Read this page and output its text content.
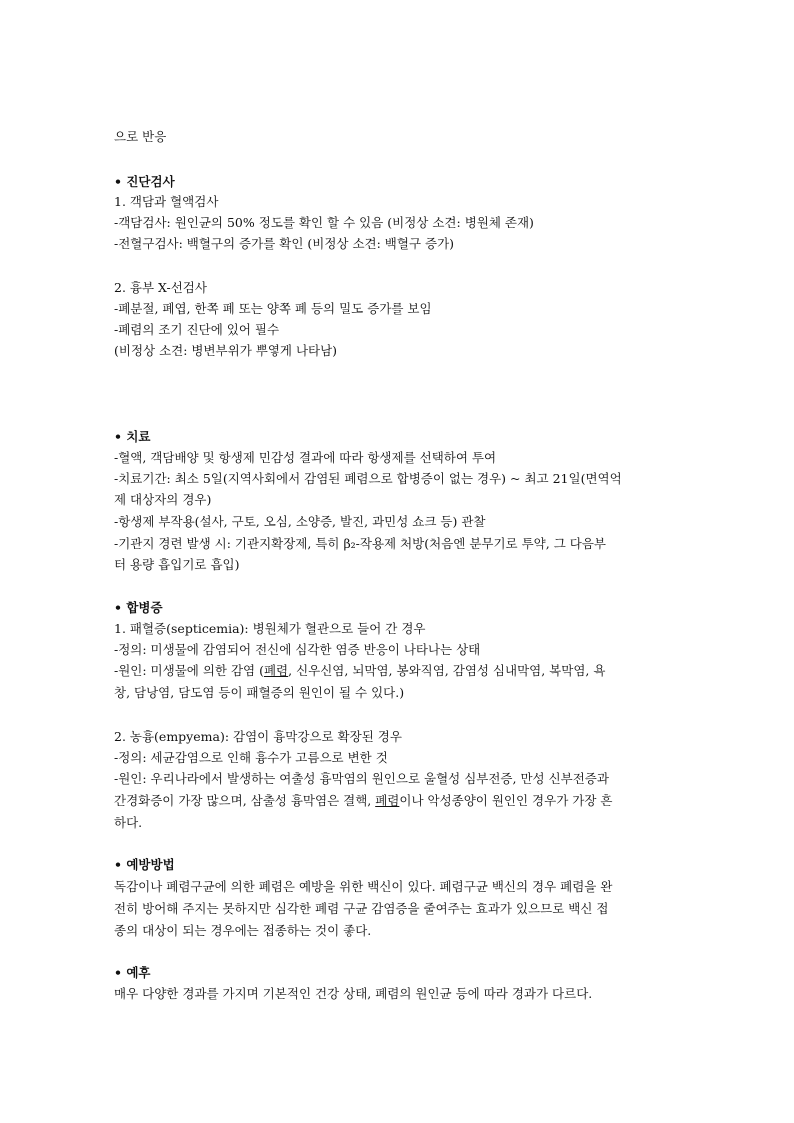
으로 반응
• 진단검사
1. 객담과 혈액검사
-객담검사: 원인균의 50% 정도를 확인 할 수 있음 (비정상 소견: 병원체 존재)
-전혈구검사: 백혈구의 증가를 확인 (비정상 소견: 백혈구 증가)
2. 흉부 X-선검사
-폐분절, 폐엽, 한쪽 폐 또는 양쪽 폐 등의 밀도 증가를 보임
-폐렴의 조기 진단에 있어 필수
(비정상 소견: 병변부위가 뿌옇게 나타남)
• 치료
-혈액, 객담배양 및 항생제 민감성 결과에 따라 항생제를 선택하여 투여
-치료기간: 최소 5일(지역사회에서 감염된 폐렴으로 합병증이 없는 경우) ~ 최고 21일(면역억
제 대상자의 경우)
-항생제 부작용(설사, 구토, 오심, 소양증, 발진, 과민성 쇼크 등) 관찰
-기관지 경련 발생 시: 기관지확장제, 특히 β₂-작용제 처방(처음엔 분무기로 투약, 그 다음부
터 용량 흡입기로 흡입)
• 합병증
1. 패혈증(septicemia): 병원체가 혈관으로 들어 간 경우
-정의: 미생물에 감염되어 전신에 심각한 염증 반응이 나타나는 상태
-원인: 미생물에 의한 감염 (폐렴, 신우신염, 뇌막염, 봉와직염, 감염성 심내막염, 복막염, 욕
창, 담낭염, 담도염 등이 패혈증의 원인이 될 수 있다.)
2. 농흉(empyema): 감염이 흉막강으로 확장된 경우
-정의: 세균감염으로 인해 흉수가 고름으로 변한 것
-원인: 우리나라에서 발생하는 여출성 흉막염의 원인으로 울혈성 심부전증, 만성 신부전증과
간경화증이 가장 많으며, 삼출성 흉막염은 결핵, 폐렴이나 악성종양이 원인인 경우가 가장 흔
하다.
• 예방방법
독감이나 폐렴구균에 의한 폐렴은 예방을 위한 백신이 있다. 폐렴구균 백신의 경우 폐렴을 완
전히 방어해 주지는 못하지만 심각한 폐렴 구균 감염증을 줄여주는 효과가 있으므로 백신 접
종의 대상이 되는 경우에는 접종하는 것이 좋다.
• 예후
매우 다양한 경과를 가지며 기본적인 건강 상태, 폐렴의 원인균 등에 따라 경과가 다르다.
